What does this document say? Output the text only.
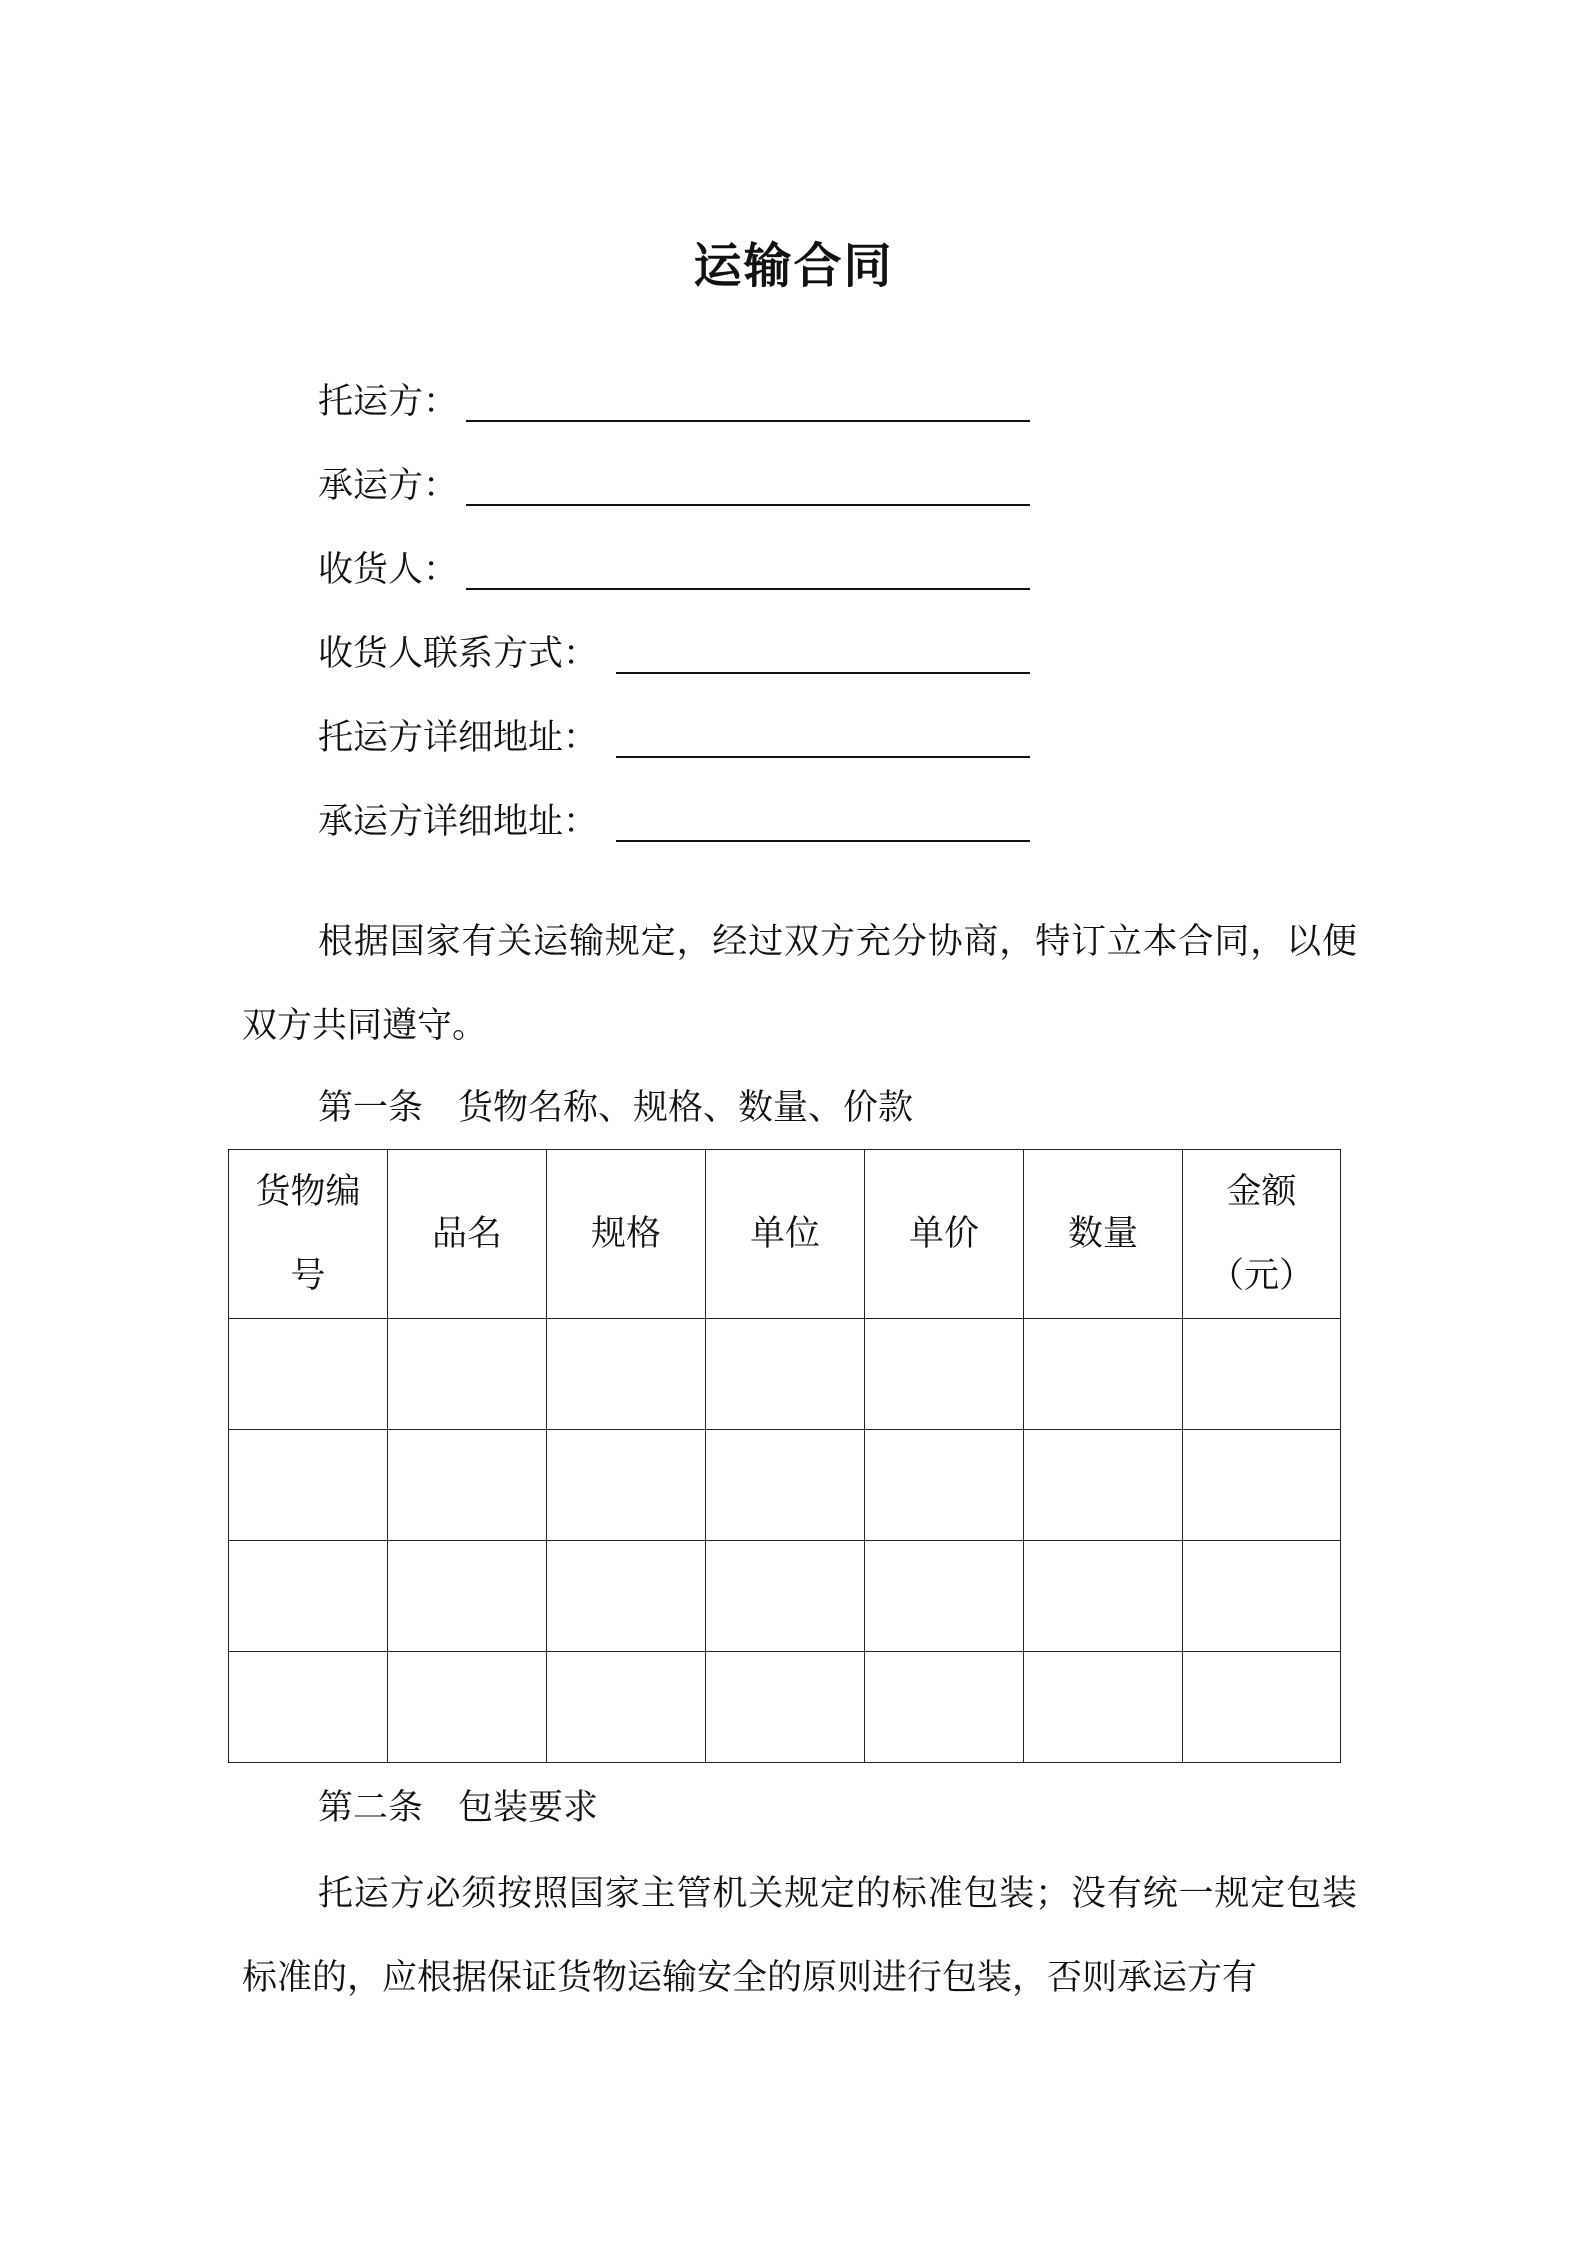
运输合同
托运方：
承运方：
收货人：
收货人联系方式：
托运方详细地址：
承运方详细地址：
根据国家有关运输规定，经过双方充分协商，特订立本合同，以便双方共同遵守。
第一条　货物名称、规格、数量、价款
货物编号	品名	规格	单位	单价	数量	金额（元）

第二条　包装要求
托运方必须按照国家主管机关规定的标准包装；没有统一规定包装标准的，应根据保证货物运输安全的原则进行包装，否则承运方有
